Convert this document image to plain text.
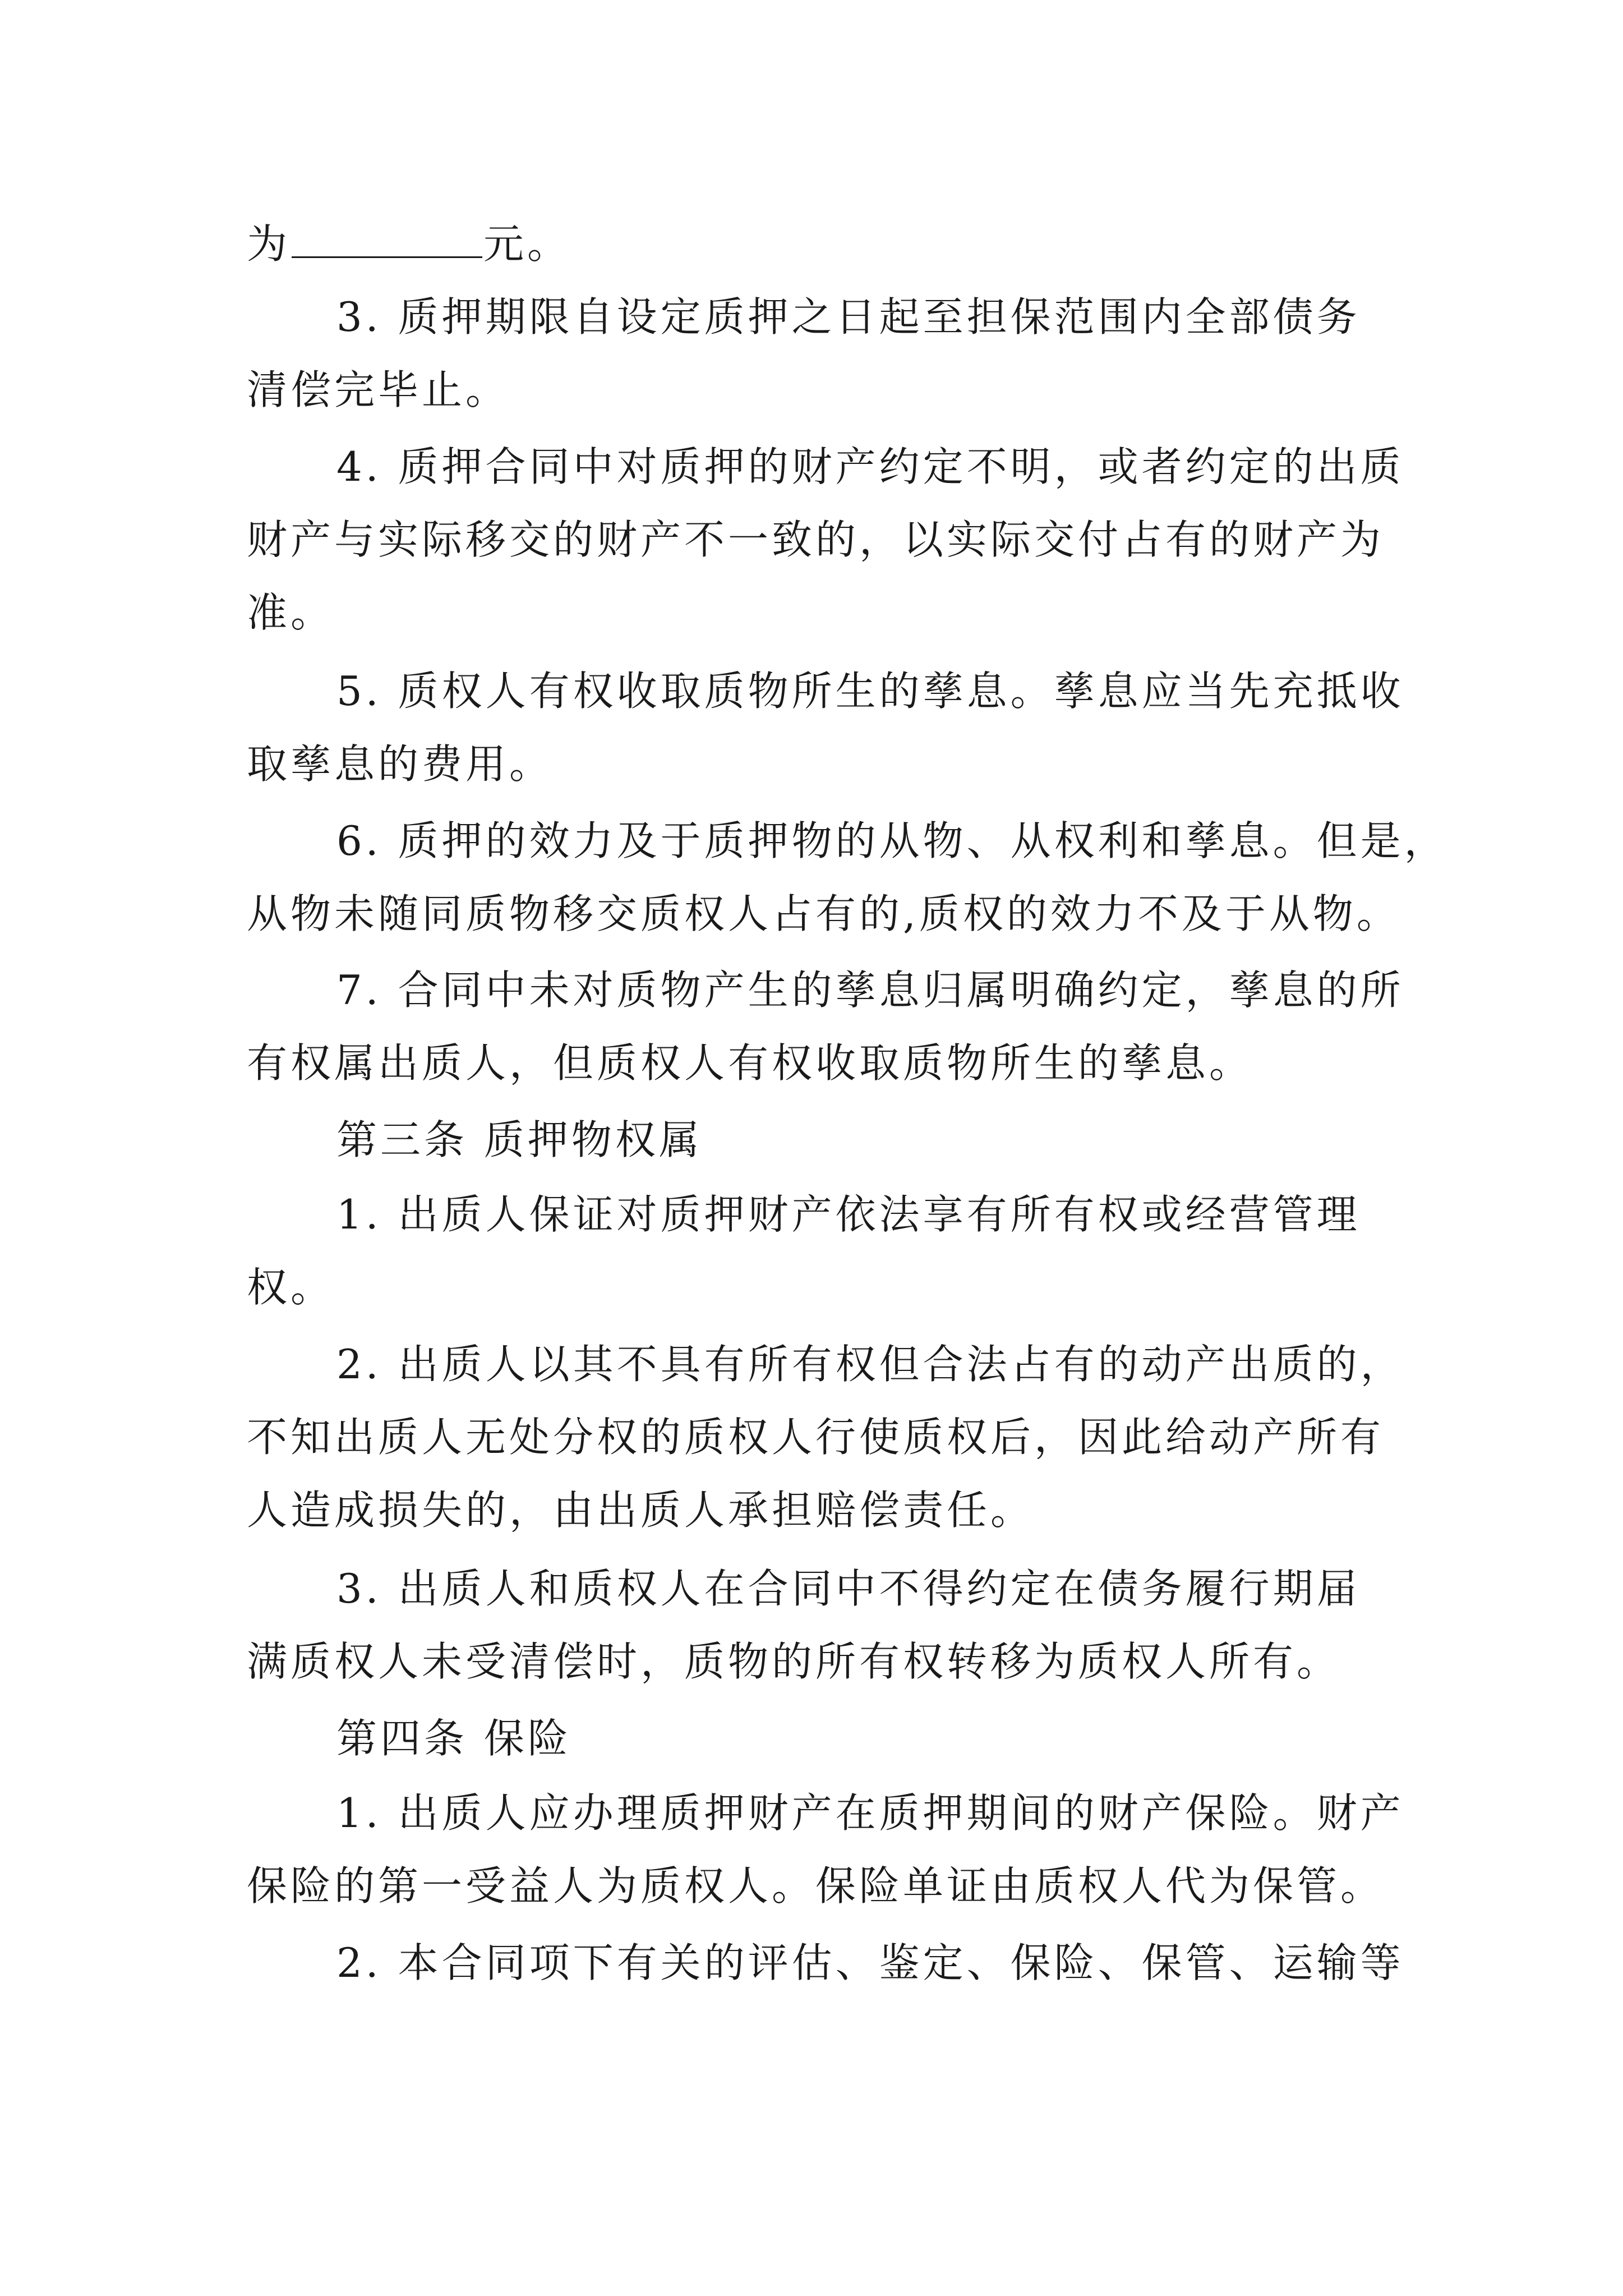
为	元。
3. 质押期限自设定质押之日起至担保范围内全部债务
清偿完毕止。
4. 质押合同中对质押的财产约定不明，或者约定的出质
财产与实际移交的财产不一致的，以实际交付占有的财产为
准。
5. 质权人有权收取质物所生的孳息。孳息应当先充抵收
取孳息的费用。
6. 质押的效力及于质押物的从物、从权利和孳息。但是，
从物未随同质物移交质权人占有的,质权的效力不及于从物。
7. 合同中未对质物产生的孳息归属明确约定，孳息的所
有权属出质人，但质权人有权收取质物所生的孳息。
第三条 质押物权属
1. 出质人保证对质押财产依法享有所有权或经营管理
权。
2. 出质人以其不具有所有权但合法占有的动产出质的，
不知出质人无处分权的质权人行使质权后，因此给动产所有
人造成损失的，由出质人承担赔偿责任。
3. 出质人和质权人在合同中不得约定在债务履行期届
满质权人未受清偿时，质物的所有权转移为质权人所有。
第四条 保险
1. 出质人应办理质押财产在质押期间的财产保险。财产
保险的第一受益人为质权人。保险单证由质权人代为保管。
2. 本合同项下有关的评估、鉴定、保险、保管、运输等
